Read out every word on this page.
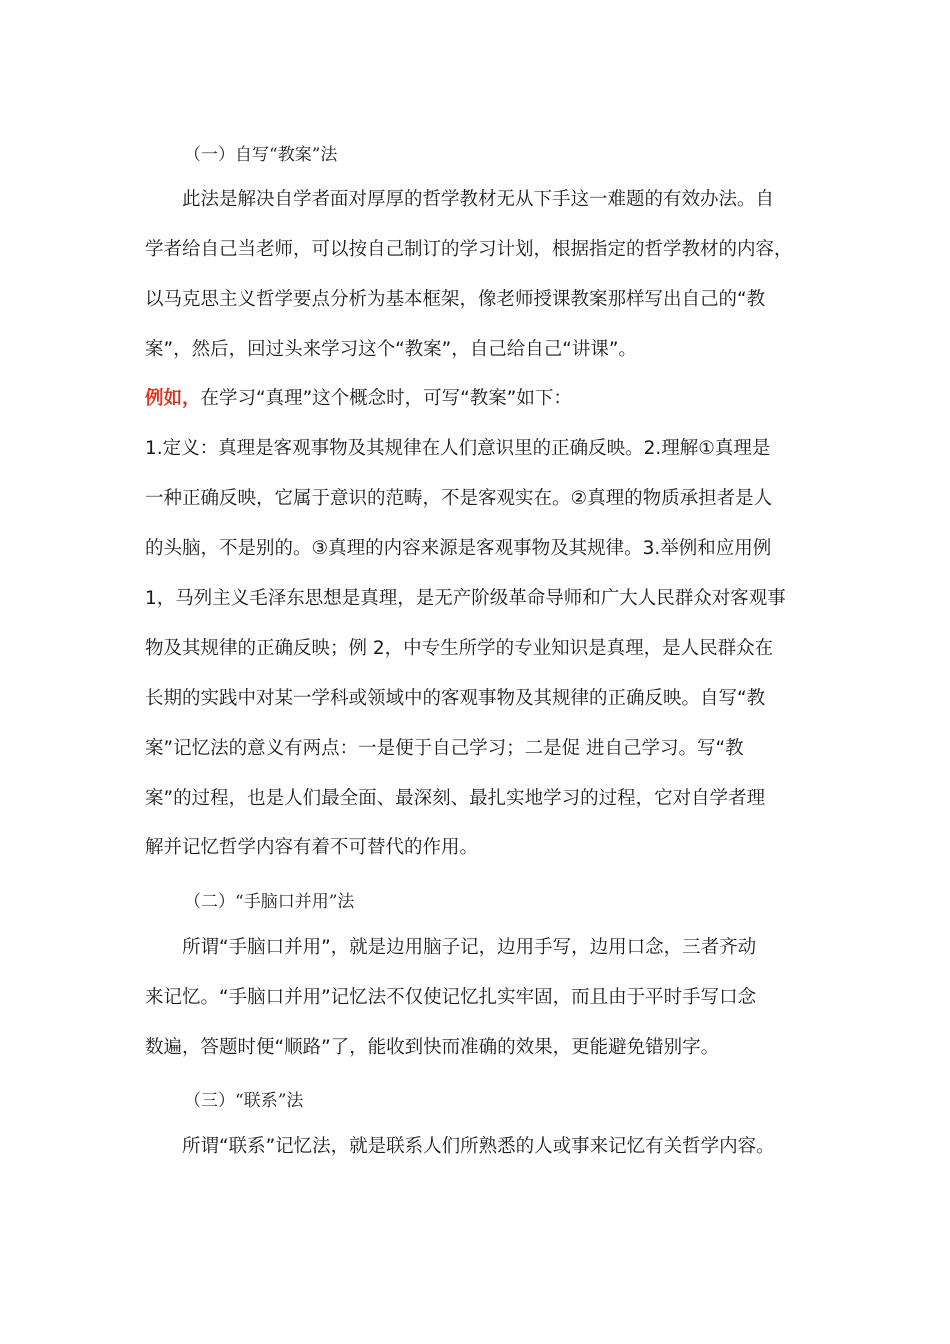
（一）自写“教案”法
此法是解决自学者面对厚厚的哲学教材无从下手这一难题的有效办法。自
学者给自己当老师，可以按自己制订的学习计划，根据指定的哲学教材的内容，
以马克思主义哲学要点分析为基本框架，像老师授课教案那样写出自己的“教
案”，然后，回过头来学习这个“教案”，自己给自己“讲课”。
例如，在学习“真理”这个概念时，可写“教案”如下：
1.定义：真理是客观事物及其规律在人们意识里的正确反映。2.理解①真理是
一种正确反映，它属于意识的范畴，不是客观实在。②真理的物质承担者是人
的头脑，不是别的。③真理的内容来源是客观事物及其规律。3.举例和应用例
1，马列主义毛泽东思想是真理，是无产阶级革命导师和广大人民群众对客观事
物及其规律的正确反映；例 2，中专生所学的专业知识是真理，是人民群众在
长期的实践中对某一学科或领域中的客观事物及其规律的正确反映。自写“教
案”记忆法的意义有两点：一是便于自己学习；二是促 进自己学习。写“教
案”的过程，也是人们最全面、最深刻、最扎实地学习的过程，它对自学者理
解并记忆哲学内容有着不可替代的作用。
（二）“手脑口并用”法
所谓“手脑口并用”，就是边用脑子记，边用手写，边用口念，三者齐动
来记忆。“手脑口并用”记忆法不仅使记忆扎实牢固，而且由于平时手写口念
数遍，答题时便“顺路”了，能收到快而准确的效果，更能避免错别字。
（三）“联系”法
所谓“联系”记忆法，就是联系人们所熟悉的人或事来记忆有关哲学内容。
